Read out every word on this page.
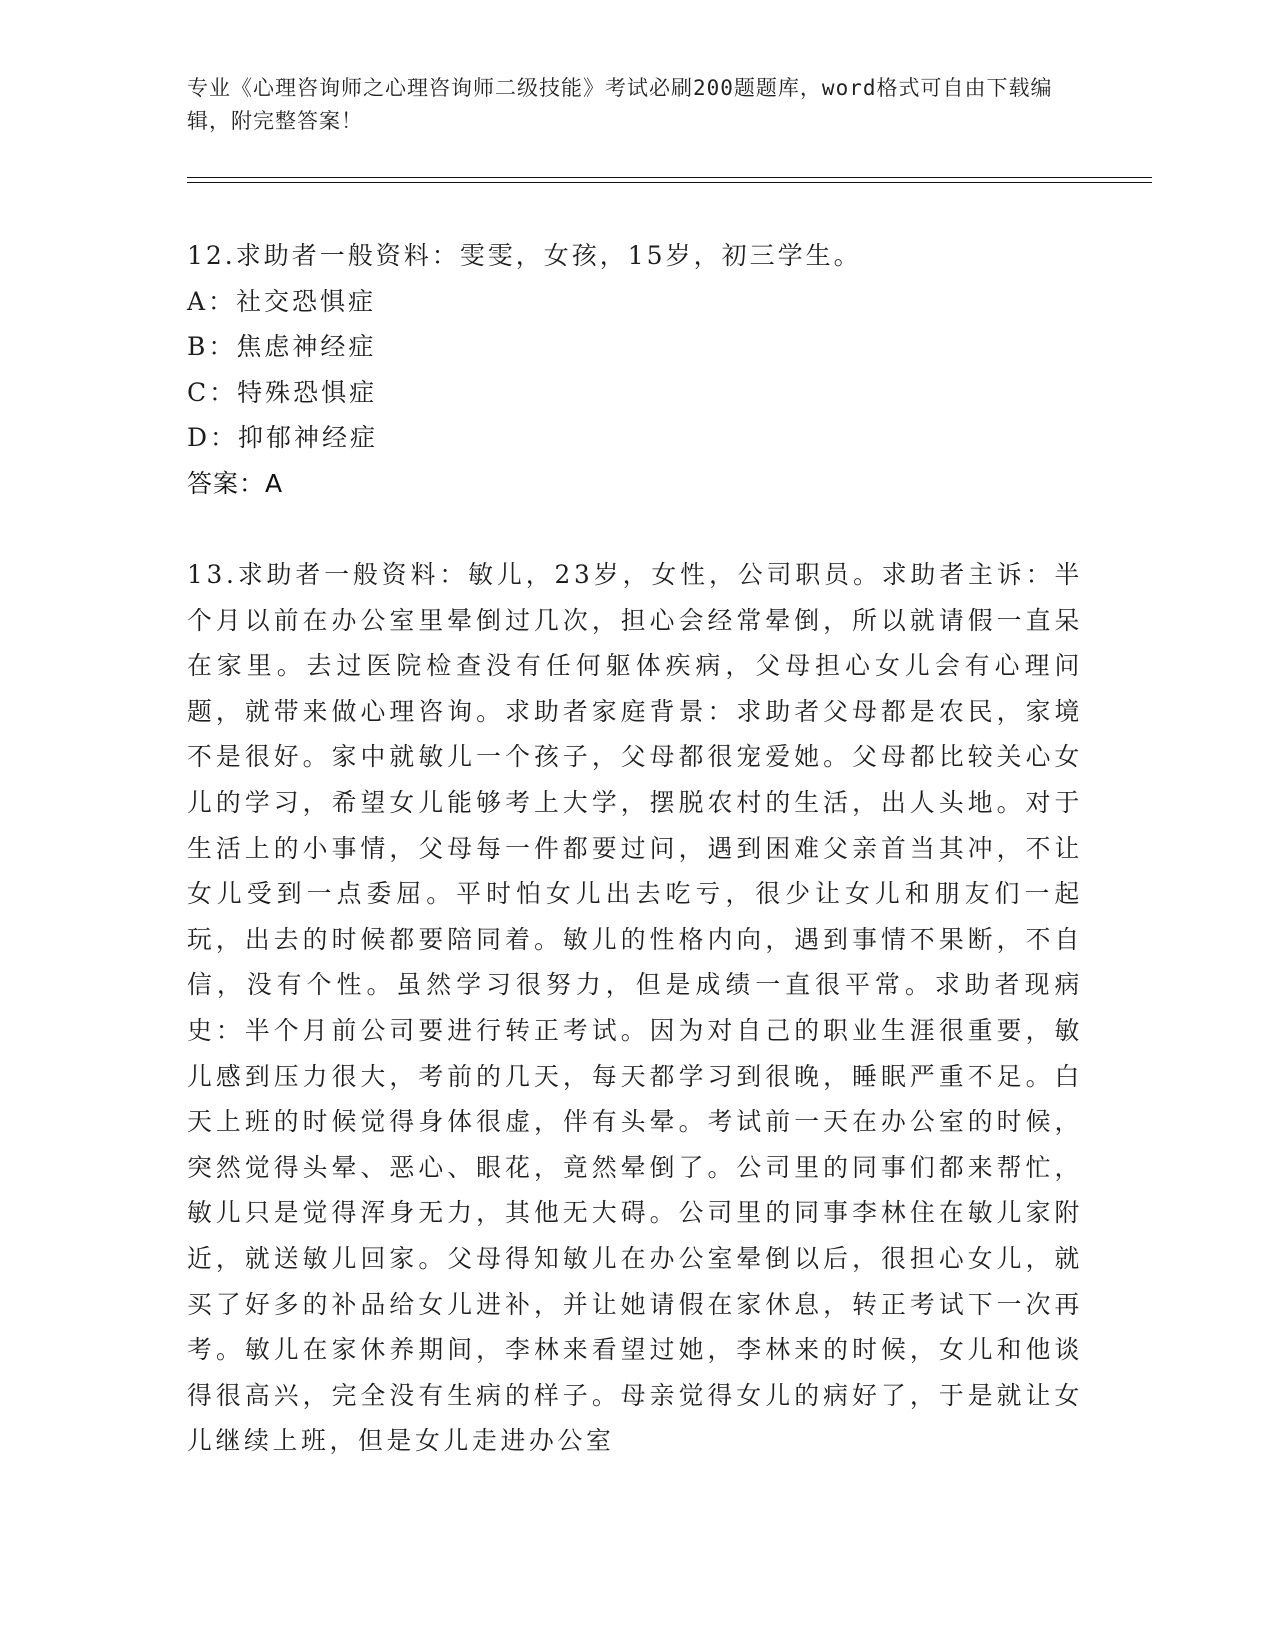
专业《心理咨询师之心理咨询师二级技能》考试必刷200题题库，word格式可自由下载编辑，附完整答案！
12.求助者一般资料：雯雯，女孩，15岁，初三学生。
A：社交恐惧症
B：焦虑神经症
C：特殊恐惧症
D：抑郁神经症
答案：A
13.求助者一般资料：敏儿，23岁，女性，公司职员。求助者主诉：半个月以前在办公室里晕倒过几次，担心会经常晕倒，所以就请假一直呆在家里。去过医院检查没有任何躯体疾病，父母担心女儿会有心理问题，就带来做心理咨询。求助者家庭背景：求助者父母都是农民，家境不是很好。家中就敏儿一个孩子，父母都很宠爱她。父母都比较关心女儿的学习，希望女儿能够考上大学，摆脱农村的生活，出人头地。对于生活上的小事情，父母每一件都要过问，遇到困难父亲首当其冲，不让女儿受到一点委屈。平时怕女儿出去吃亏，很少让女儿和朋友们一起玩，出去的时候都要陪同着。敏儿的性格内向，遇到事情不果断，不自信，没有个性。虽然学习很努力，但是成绩一直很平常。求助者现病史：半个月前公司要进行转正考试。因为对自己的职业生涯很重要，敏儿感到压力很大，考前的几天，每天都学习到很晚，睡眠严重不足。白天上班的时候觉得身体很虚，伴有头晕。考试前一天在办公室的时候，突然觉得头晕、恶心、眼花，竟然晕倒了。公司里的同事们都来帮忙，敏儿只是觉得浑身无力，其他无大碍。公司里的同事李林住在敏儿家附近，就送敏儿回家。父母得知敏儿在办公室晕倒以后，很担心女儿，就买了好多的补品给女儿进补，并让她请假在家休息，转正考试下一次再考。敏儿在家休养期间，李林来看望过她，李林来的时候，女儿和他谈得很高兴，完全没有生病的样子。母亲觉得女儿的病好了，于是就让女儿继续上班，但是女儿走进办公室
